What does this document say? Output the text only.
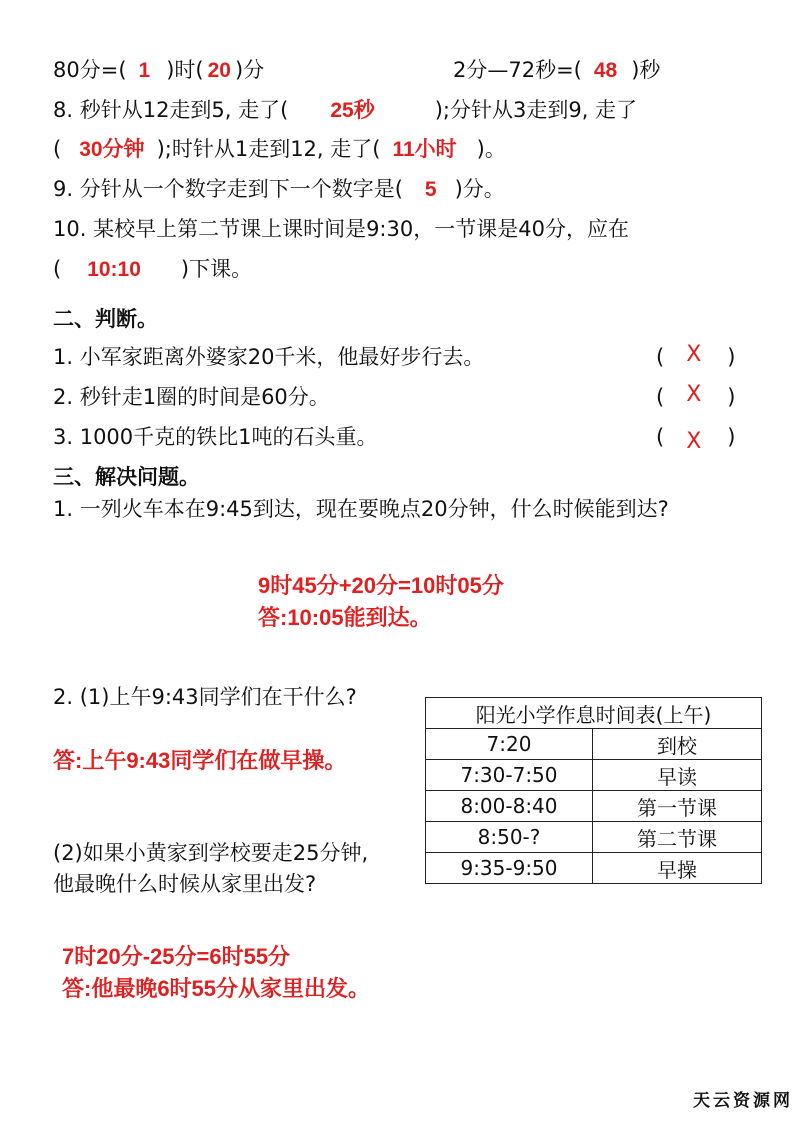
80分=( 1 )时( 20 )分	2分—72秒=( 48 )秒
8. 秒针从12走到5, 走了( 25秒	);分针从3走到9, 走了
( 30分钟 );时针从1走到12, 走了( 11小时 )。
9. 分针从一个数字走到下一个数字是( 5 )分。
10. 某校早上第二节课上课时间是9:30，一节课是40分，应在
( 10:10 )下课。
二、判断。
1. 小军家距离外婆家20千米，他最好步行去。	( X )
2. 秒针走1圈的时间是60分。	( X )
3. 1000千克的铁比1吨的石头重。	( X )
三、解决问题。
1. 一列火车本在9:45到达，现在要晚点20分钟，什么时候能到达?
9时45分+20分=10时05分
答:10:05能到达。
2. (1)上午9:43同学们在干什么?
答:上午9:43同学们在做早操。
(2)如果小黄家到学校要走25分钟,
他最晚什么时候从家里出发?
7时20分-25分=6时55分
答:他最晚6时55分从家里出发。
阳光小学作息时间表(上午)	
7:20	到校
7:30-7:50	早读
8:00-8:40	第一节课
8:50-?	第二节课
9:35-9:50	早操
天云资源网
